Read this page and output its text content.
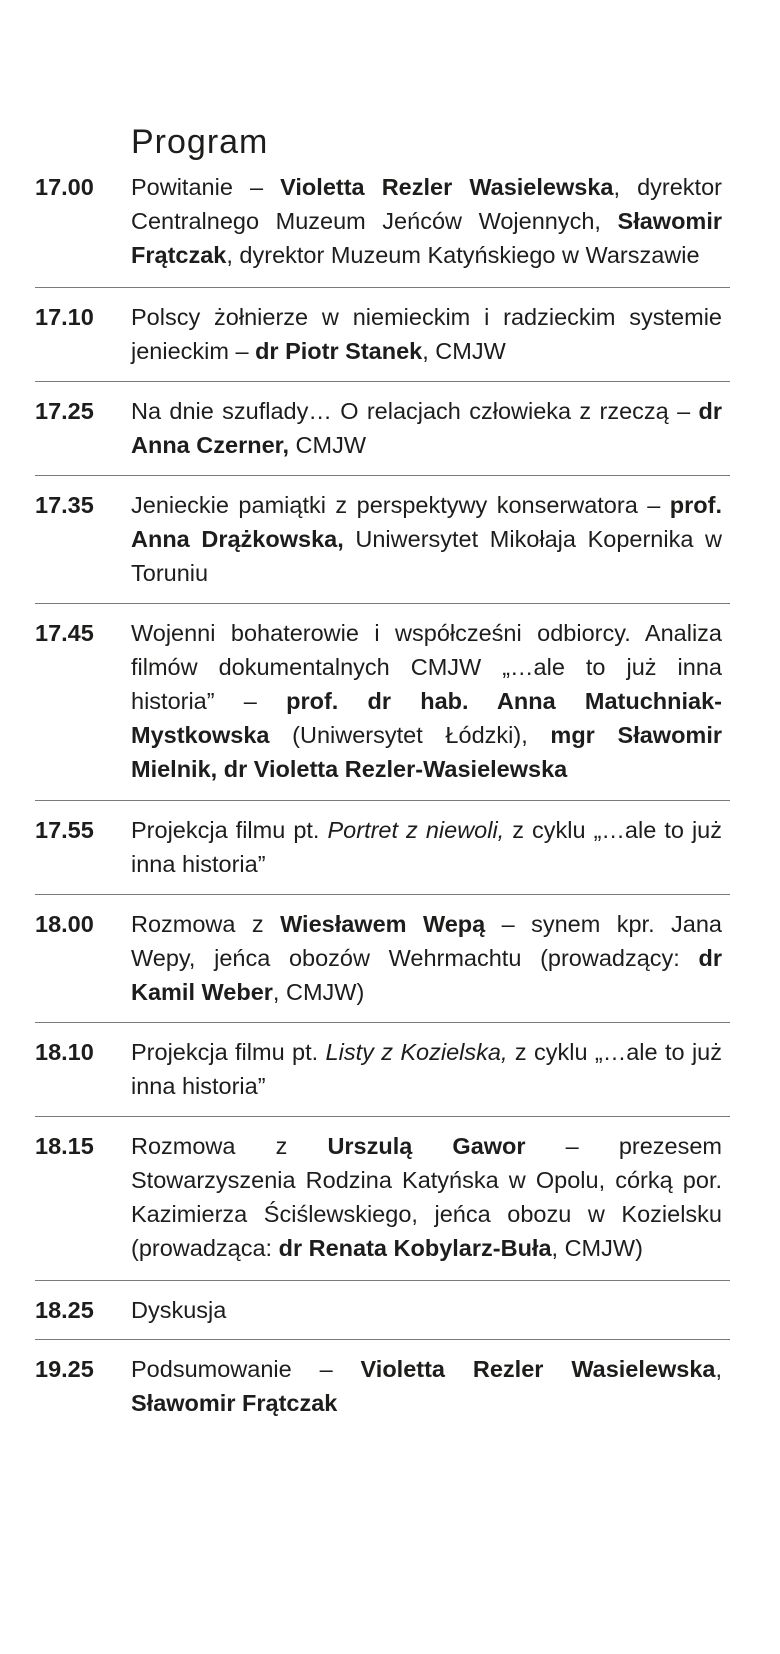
Program
17.00	Powitanie – Violetta Rezler Wasielewska, dyrektor Centralnego Muzeum Jeńców Wojennych, Sławomir Frątczak, dyrektor Muzeum Katyńskiego w Warszawie
17.10	Polscy żołnierze w niemieckim i radzieckim systemie jenieckim – dr Piotr Stanek, CMJW
17.25	Na dnie szuflady… O relacjach człowieka z rzeczą – dr Anna Czerner, CMJW
17.35	Jenieckie pamiątki z perspektywy konserwatora – prof. Anna Drążkowska, Uniwersytet Mikołaja Kopernika w Toruniu
17.45	Wojenni bohaterowie i współcześni odbiorcy. Analiza filmów dokumentalnych CMJW „…ale to już inna historia” – prof. dr hab. Anna Matuchniak-Mystkowska (Uniwersytet Łódzki), mgr Sławomir Mielnik, dr Violetta Rezler-Wasielewska
17.55	Projekcja filmu pt. Portret z niewoli, z cyklu „…ale to już inna historia”
18.00	Rozmowa z Wiesławem Wepą – synem kpr. Jana Wepy, jeńca obozów Wehrmachtu (prowadzący: dr Kamil Weber, CMJW)
18.10	Projekcja filmu pt. Listy z Kozielska, z cyklu „…ale to już inna historia”
18.15	Rozmowa z Urszulą Gawor – prezesem Stowarzyszenia Rodzina Katyńska w Opolu, córką por. Kazimierza Ściślewskiego, jeńca obozu w Kozielsku (prowadząca: dr Renata Kobylarz-Buła, CMJW)
18.25	Dyskusja
19.25	Podsumowanie – Violetta Rezler Wasielewska, Sławomir Frątczak
